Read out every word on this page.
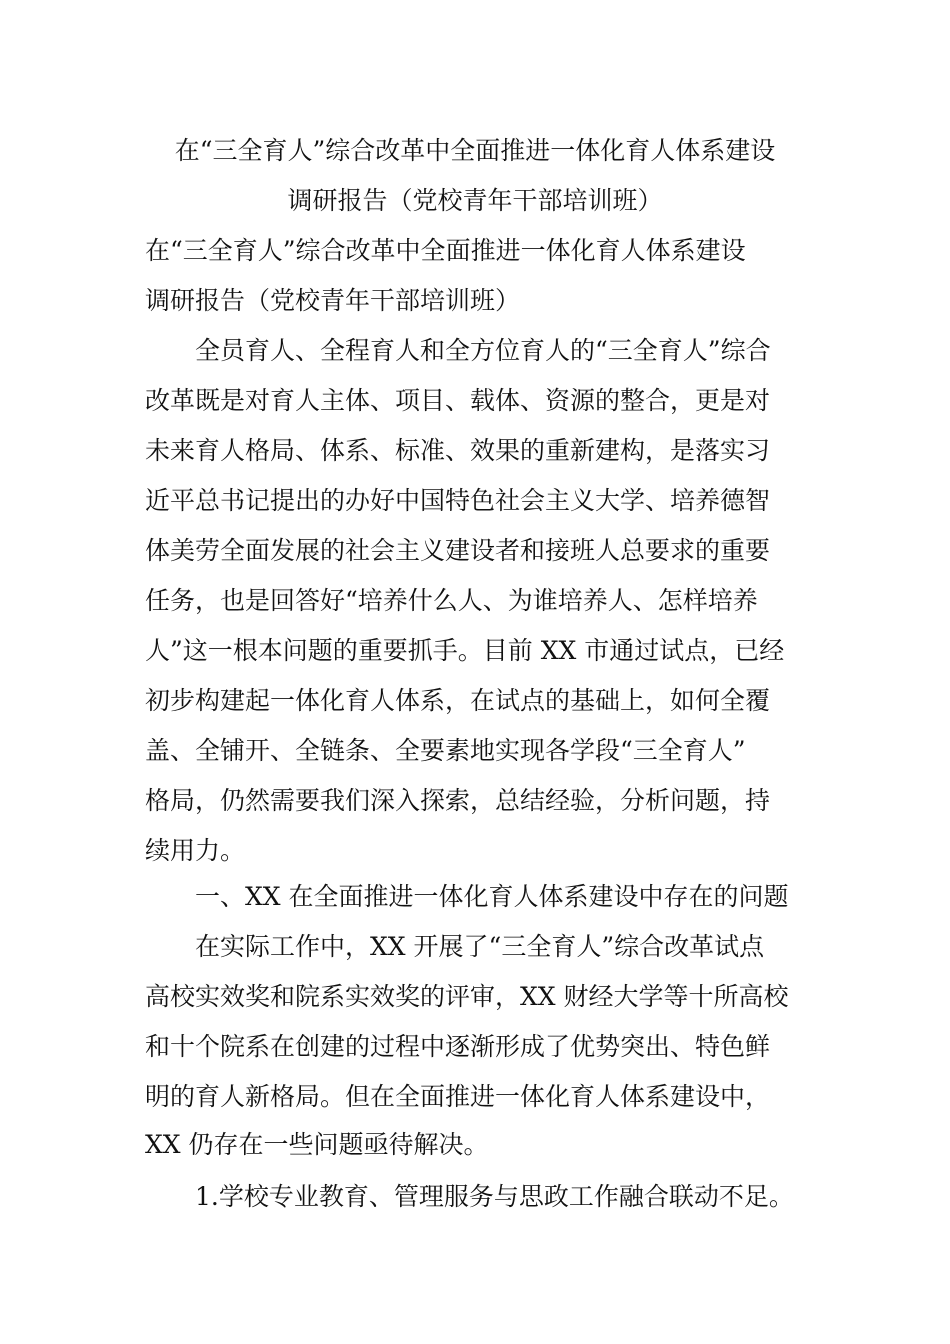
在“三全育人”综合改革中全面推进一体化育人体系建设
调研报告（党校青年干部培训班）
在“三全育人”综合改革中全面推进一体化育人体系建设
调研报告（党校青年干部培训班）
　　全员育人、全程育人和全方位育人的“三全育人”综合
改革既是对育人主体、项目、载体、资源的整合，更是对
未来育人格局、体系、标准、效果的重新建构，是落实习
近平总书记提出的办好中国特色社会主义大学、培养德智
体美劳全面发展的社会主义建设者和接班人总要求的重要
任务，也是回答好“培养什么人、为谁培养人、怎样培养
人”这一根本问题的重要抓手。目前 XX 市通过试点，已经
初步构建起一体化育人体系，在试点的基础上，如何全覆
盖、全铺开、全链条、全要素地实现各学段“三全育人”
格局，仍然需要我们深入探索，总结经验，分析问题，持
续用力。
　　一、XX 在全面推进一体化育人体系建设中存在的问题
　　在实际工作中，XX 开展了“三全育人”综合改革试点
高校实效奖和院系实效奖的评审，XX 财经大学等十所高校
和十个院系在创建的过程中逐渐形成了优势突出、特色鲜
明的育人新格局。但在全面推进一体化育人体系建设中，
XX 仍存在一些问题亟待解决。
　　1.学校专业教育、管理服务与思政工作融合联动不足。
